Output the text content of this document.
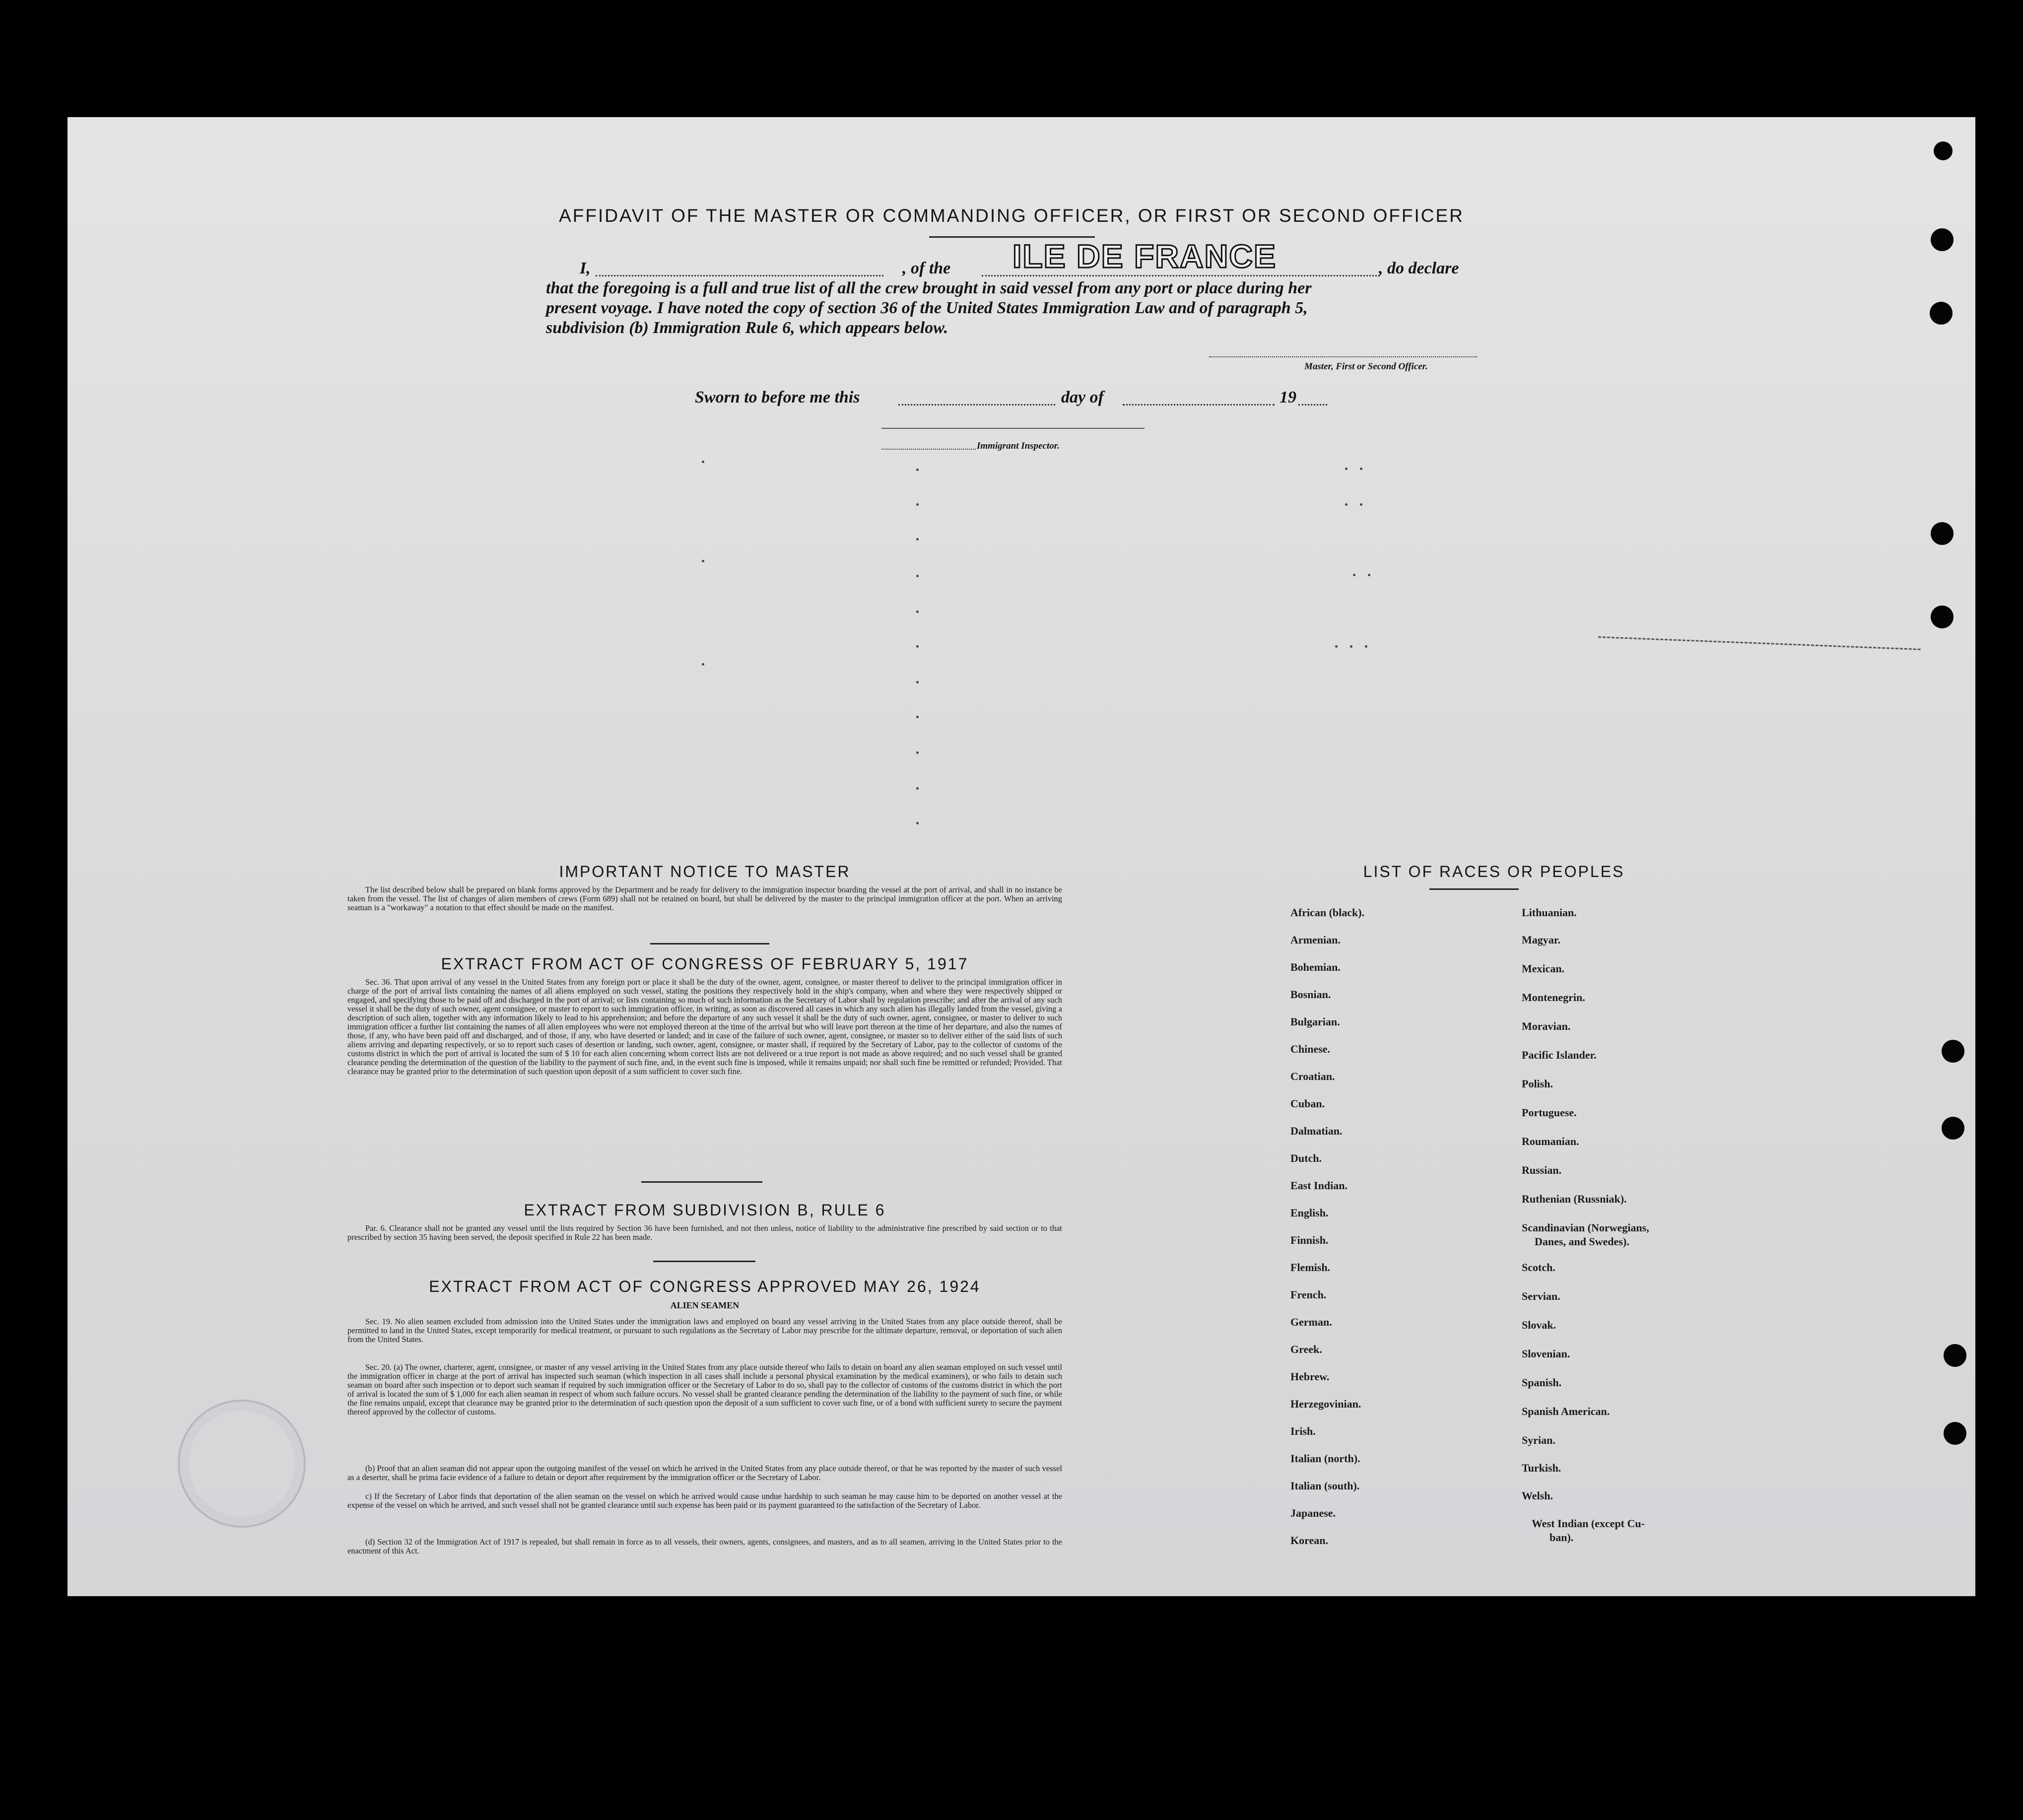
AFFIDAVIT OF THE MASTER OR COMMANDING OFFICER, OR FIRST OR SECOND OFFICER
I,	, of the ILE DE FRANCE	, do declare
that the foregoing is a full and true list of all the crew brought in said vessel from any port or place during her
present voyage. I have noted the copy of section 36 of the United States Immigration Law and of paragraph 5,
subdivision (b) Immigration Rule 6, which appears below.
Master, First or Second Officer.
Sworn to before me this	day of	19
Immigrant Inspector.
IMPORTANT NOTICE TO MASTER
The list described below shall be prepared on blank forms approved by the Department and be ready for delivery to the immigration inspector boarding the vessel at the port of arrival, and shall in no instance be taken from the vessel. The list of changes of alien members of crews (Form 689) shall not be retained on board, but shall be delivered by the master to the principal immigration officer at the port. When an arriving seaman is a "workaway" a notation to that effect should be made on the manifest.
EXTRACT FROM ACT OF CONGRESS OF FEBRUARY 5, 1917
Sec. 36. That upon arrival of any vessel in the United States from any foreign port or place it shall be the duty of the owner, agent, consignee, or master thereof to deliver to the principal immigration officer in charge of the port of arrival lists containing the names of all aliens employed on such vessel, stating the positions they respectively hold in the ship's company, when and where they were respectively shipped or engaged, and specifying those to be paid off and discharged in the port of arrival; or lists containing so much of such information as the Secretary of Labor shall by regulation prescribe; and after the arrival of any such vessel it shall be the duty of such owner, agent consignee, or master to report to such immigration officer, in writing, as soon as discovered all cases in which any such alien has illegally landed from the vessel, giving a description of such alien, together with any information likely to lead to his apprehension; and before the departure of any such vessel it shall be the duty of such owner, agent, consignee, or master to deliver to such immigration officer a further list containing the names of all alien employees who were not employed thereon at the time of the arrival but who will leave port thereon at the time of her departure, and also the names of those, if any, who have been paid off and discharged, and of those, if any, who have deserted or landed; and in case of the failure of such owner, agent, consignee, or master so to deliver either of the said lists of such aliens arriving and departing respectively, or so to report such cases of desertion or landing, such owner, agent, consignee, or master shall, if required by the Secretary of Labor, pay to the collector of customs of the customs district in which the port of arrival is located the sum of $ 10 for each alien concerning whom correct lists are not delivered or a true report is not made as above required; and no such vessel shall be granted clearance pending the determination of the question of the liability to the payment of such fine, and, in the event such fine is imposed, while it remains unpaid; nor shall such fine be remitted or refunded; Provided. That clearance may be granted prior to the determination of such question upon deposit of a sum sufficient to cover such fine.
EXTRACT FROM SUBDIVISION B, RULE 6
Par. 6. Clearance shall not be granted any vessel until the lists required by Section 36 have been furnished, and not then unless, notice of liability to the administrative fine prescribed by said section or to that prescribed by section 35 having been served, the deposit specified in Rule 22 has been made.
EXTRACT FROM ACT OF CONGRESS APPROVED MAY 26, 1924
ALIEN SEAMEN
Sec. 19. No alien seamen excluded from admission into the United States under the immigration laws and employed on board any vessel arriving in the United States from any place outside thereof, shall be permitted to land in the United States, except temporarily for medical treatment, or pursuant to such regulations as the Secretary of Labor may prescribe for the ultimate departure, removal, or deportation of such alien from the United States.
Sec. 20. (a) The owner, charterer, agent, consignee, or master of any vessel arriving in the United States from any place outside thereof who fails to detain on board any alien seaman employed on such vessel until the immigration officer in charge at the port of arrival has inspected such seaman (which inspection in all cases shall include a personal physical examination by the medical examiners), or who fails to detain such seaman on board after such inspection or to deport such seaman if required by such immigration officer or the Secretary of Labor to do so, shall pay to the collector of customs of the customs district in which the port of arrival is located the sum of $ 1,000 for each alien seaman in respect of whom such failure occurs. No vessel shall be granted clearance pending the determination of the liability to the payment of such fine, or while the fine remains unpaid, except that clearance may be granted prior to the determination of such question upon the deposit of a sum sufficient to cover such fine, or of a bond with sufficient surety to secure the payment thereof approved by the collector of customs.
(b) Proof that an alien seaman did not appear upon the outgoing manifest of the vessel on which he arrived in the United States from any place outside thereof, or that he was reported by the master of such vessel as a deserter, shall be prima facie evidence of a failure to detain or deport after requirement by the immigration officer or the Secretary of Labor.
c) If the Secretary of Labor finds that deportation of the alien seaman on the vessel on which he arrived would cause undue hardship to such seaman he may cause him to be deported on another vessel at the expense of the vessel on which he arrived, and such vessel shall not be granted clearance until such expense has been paid or its payment guaranteed to the satisfaction of the Secretary of Labor.
(d) Section 32 of the Immigration Act of 1917 is repealed, but shall remain in force as to all vessels, their owners, agents, consignees, and masters, and as to all seamen, arriving in the United States prior to the enactment of this Act.
LIST OF RACES OR PEOPLES
African (black).
Armenian.
Bohemian.
Bosnian.
Bulgarian.
Chinese.
Croatian.
Cuban.
Dalmatian.
Dutch.
East Indian.
English.
Finnish.
Flemish.
French.
German.
Greek.
Hebrew.
Herzegovinian.
Irish.
Italian (north).
Italian (south).
Japanese.
Korean.
Lithuanian.
Magyar.
Mexican.
Montenegrin.
Moravian.
Pacific Islander.
Polish.
Portuguese.
Roumanian.
Russian.
Ruthenian (Russniak).
Scandinavian (Norwegians,
Danes, and Swedes).
Scotch.
Servian.
Slovak.
Slovenian.
Spanish.
Spanish American.
Syrian.
Turkish.
Welsh.
West Indian (except Cu-
ban).
